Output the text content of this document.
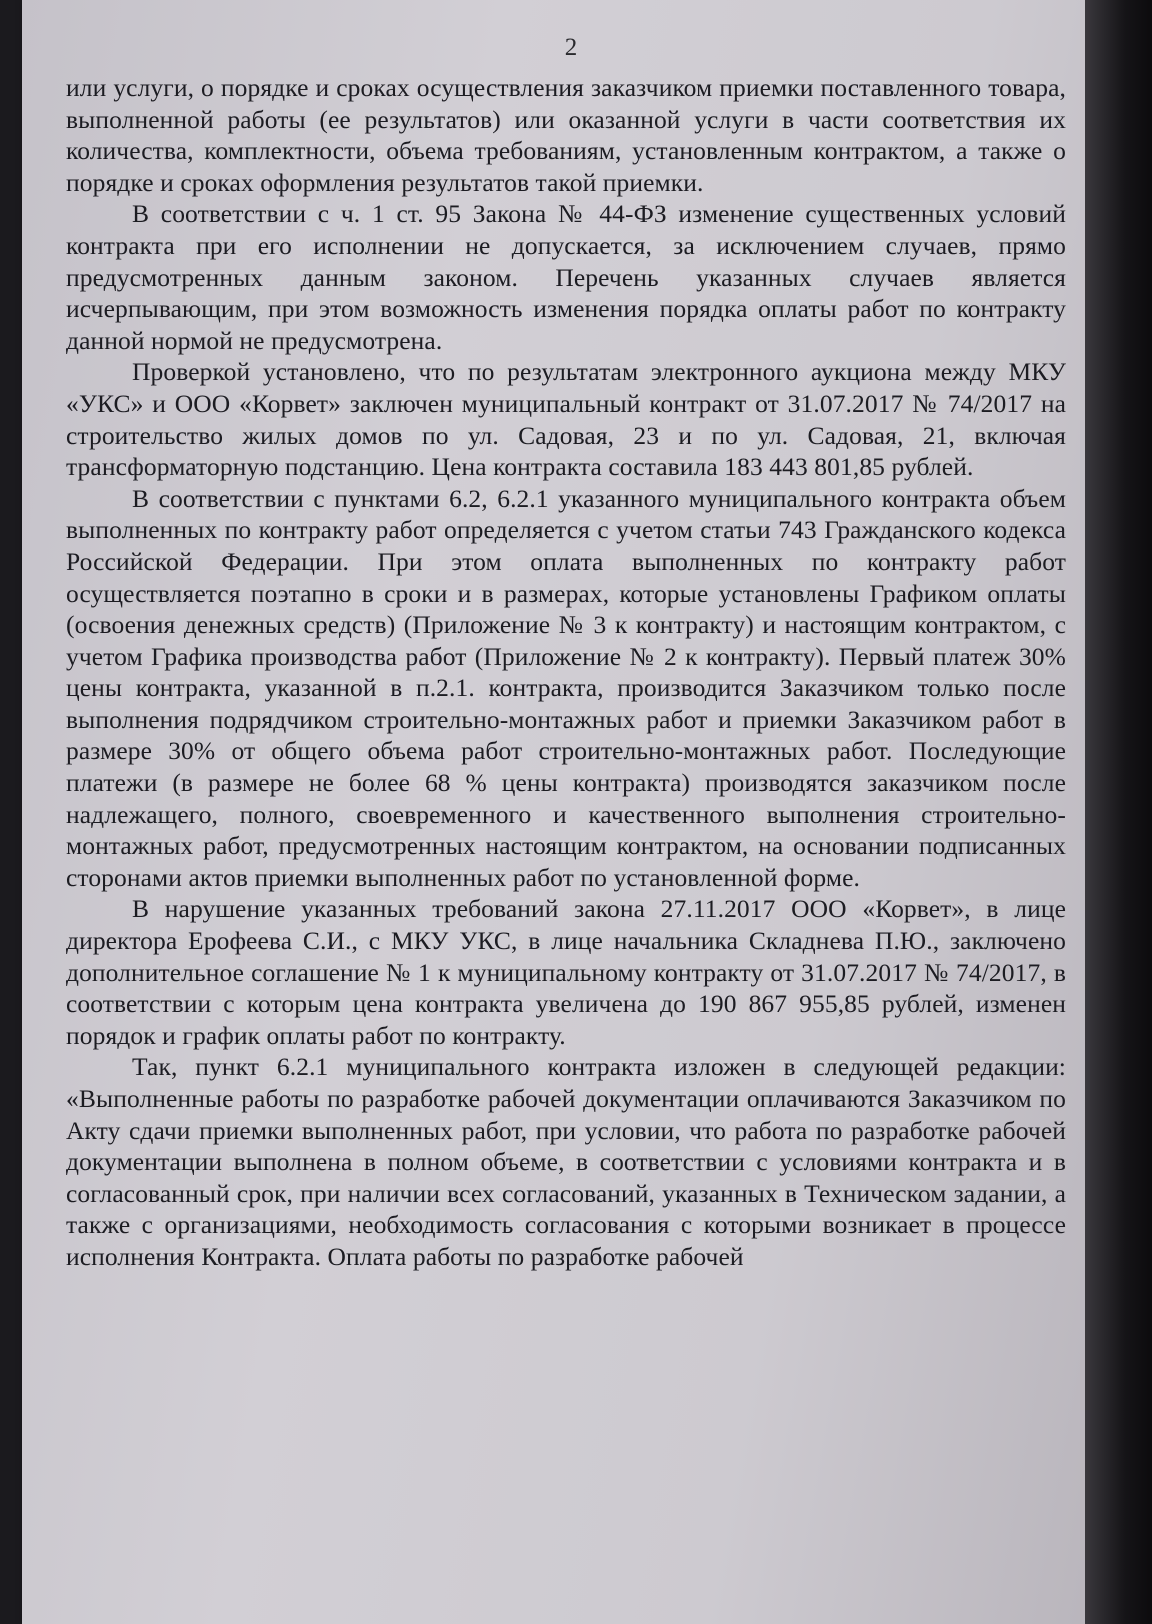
2

или услуги, о порядке и сроках осуществления заказчиком приемки поставленного товара, выполненной работы (ее результатов) или оказанной услуги в части соответствия их количества, комплектности, объема требованиям, установленным контрактом, а также о порядке и сроках оформления результатов такой приемки.

В соответствии с ч. 1 ст. 95 Закона № 44-ФЗ изменение существенных условий контракта при его исполнении не допускается, за исключением случаев, прямо предусмотренных данным законом. Перечень указанных случаев является исчерпывающим, при этом возможность изменения порядка оплаты работ по контракту данной нормой не предусмотрена.

Проверкой установлено, что по результатам электронного аукциона между МКУ «УКС» и ООО «Корвет» заключен муниципальный контракт от 31.07.2017 № 74/2017 на строительство жилых домов по ул. Садовая, 23 и по ул. Садовая, 21, включая трансформаторную подстанцию. Цена контракта составила 183 443 801,85 рублей.

В соответствии с пунктами 6.2, 6.2.1 указанного муниципального контракта объем выполненных по контракту работ определяется с учетом статьи 743 Гражданского кодекса Российской Федерации. При этом оплата выполненных по контракту работ осуществляется поэтапно в сроки и в размерах, которые установлены Графиком оплаты (освоения денежных средств) (Приложение № 3 к контракту) и настоящим контрактом, с учетом Графика производства работ (Приложение № 2 к контракту). Первый платеж 30% цены контракта, указанной в п.2.1. контракта, производится Заказчиком только после выполнения подрядчиком строительно-монтажных работ и приемки Заказчиком работ в размере 30% от общего объема работ строительно-монтажных работ. Последующие платежи (в размере не более 68 % цены контракта) производятся заказчиком после надлежащего, полного, своевременного и качественного выполнения строительно-монтажных работ, предусмотренных настоящим контрактом, на основании подписанных сторонами актов приемки выполненных работ по установленной форме.

В нарушение указанных требований закона 27.11.2017 ООО «Корвет», в лице директора Ерофеева С.И., с МКУ УКС, в лице начальника Складнева П.Ю., заключено дополнительное соглашение № 1 к муниципальному контракту от 31.07.2017 № 74/2017, в соответствии с которым цена контракта увеличена до 190 867 955,85 рублей, изменен порядок и график оплаты работ по контракту.

Так, пункт 6.2.1 муниципального контракта изложен в следующей редакции: «Выполненные работы по разработке рабочей документации оплачиваются Заказчиком по Акту сдачи приемки выполненных работ, при условии, что работа по разработке рабочей документации выполнена в полном объеме, в соответствии с условиями контракта и в согласованный срок, при наличии всех согласований, указанных в Техническом задании, а также с организациями, необходимость согласования с которыми возникает в процессе исполнения Контракта. Оплата работы по разработке рабочей
